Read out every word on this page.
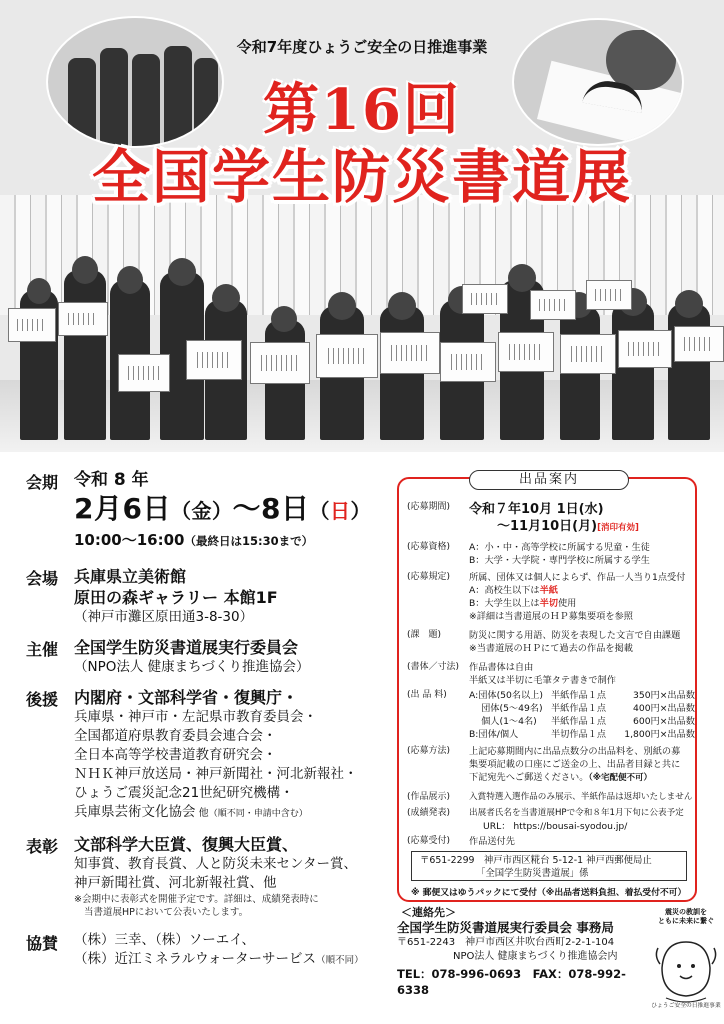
令和7年度ひょうご安全の日推進事業
第16回
全国学生防災書道展
会期 令和 8 年
2月6日（金）〜8日（日）
10:00〜16:00（最終日は15:30まで）
会場 兵庫県立美術館
原田の森ギャラリー 本館1F
（神戸市灘区原田通3-8-30）
主催 全国学生防災書道展実行委員会
（NPO法人 健康まちづくり推進協会）
後援 内閣府・文部科学省・復興庁・
兵庫県・神戸市・左記県市教育委員会・
全国都道府県教育委員会連合会・
全日本高等学校書道教育研究会・
ＮＨＫ神戸放送局・神戸新聞社・河北新報社・
ひょうご震災記念21世紀研究機構・
兵庫県芸術文化協会 他（順不同・申請中含む）
表彰 文部科学大臣賞、復興大臣賞、
知事賞、教育長賞、人と防災未来センター賞、
神戸新聞社賞、河北新報社賞、他
※会期中に表彰式を開催予定です。詳細は、成績発表時に
当書道展HPにおいて公表いたします。
協賛 （株）三幸、（株）ソーエイ、
（株）近江ミネラルウォーターサービス（順不同）
出品案内
(応募期間)	令和７年10月 1日(水)
〜11月10日(月)[消印有効]
(応募資格)	A：小・中・高等学校に所属する児童・生徒
B：大学・大学院・専門学校に所属する学生
(応募規定)	所属、団体又は個人によらず、作品一人当り1点受付
A：高校生以下は半紙
B：大学生以上は半切使用
※詳細は当書道展のＨＰ募集要項を参照
(課　題)	防災に関する用語、防災を表現した文言で自由課題
※当書道展のＨＰにて過去の作品を掲載
(書体／寸法)	作品書体は自由
半紙又は半切に毛筆タテ書きで制作
(出 品 料)	A:団体(50名以上) 半紙作品１点	350円×出品数
　 団体(5〜49名) 半紙作品１点	400円×出品数
　 個人(1〜4名)	半紙作品１点	600円×出品数
B:団体/個人	半切作品１点	1,800円×出品数
(応募方法)	上記応募期間内に出品点数分の出品料を、別紙の募
集要項記載の口座にご送金の上、出品者目録と共に
下記宛先へご郵送ください。（※宅配便不可）
(作品展示)	入賞特選入選作品のみ展示、半紙作品は返却いたしません
(成績発表)	出展者氏名を当書道展HPで令和８年1月下旬に公表予定
URL： https://bousai-syodou.jp/
(応募受付)	作品送付先
〒651-2299　神戸市西区糀台 5-12-1 神戸西郵便局止
「全国学生防災書道展」係
※ 郵便又はゆうパックにて受付（※出品者送料負担、着払受付不可）
＜連絡先＞
全国学生防災書道展実行委員会 事務局
〒651-2243　神戸市西区井吹台西町2-2-1-104
NPO法人 健康まちづくり推進協会内
TEL：078-996-0693　FAX：078-992-6338
震災の教訓を
ともに未来に繋ぐ
ひょうご安全の日推進事業
